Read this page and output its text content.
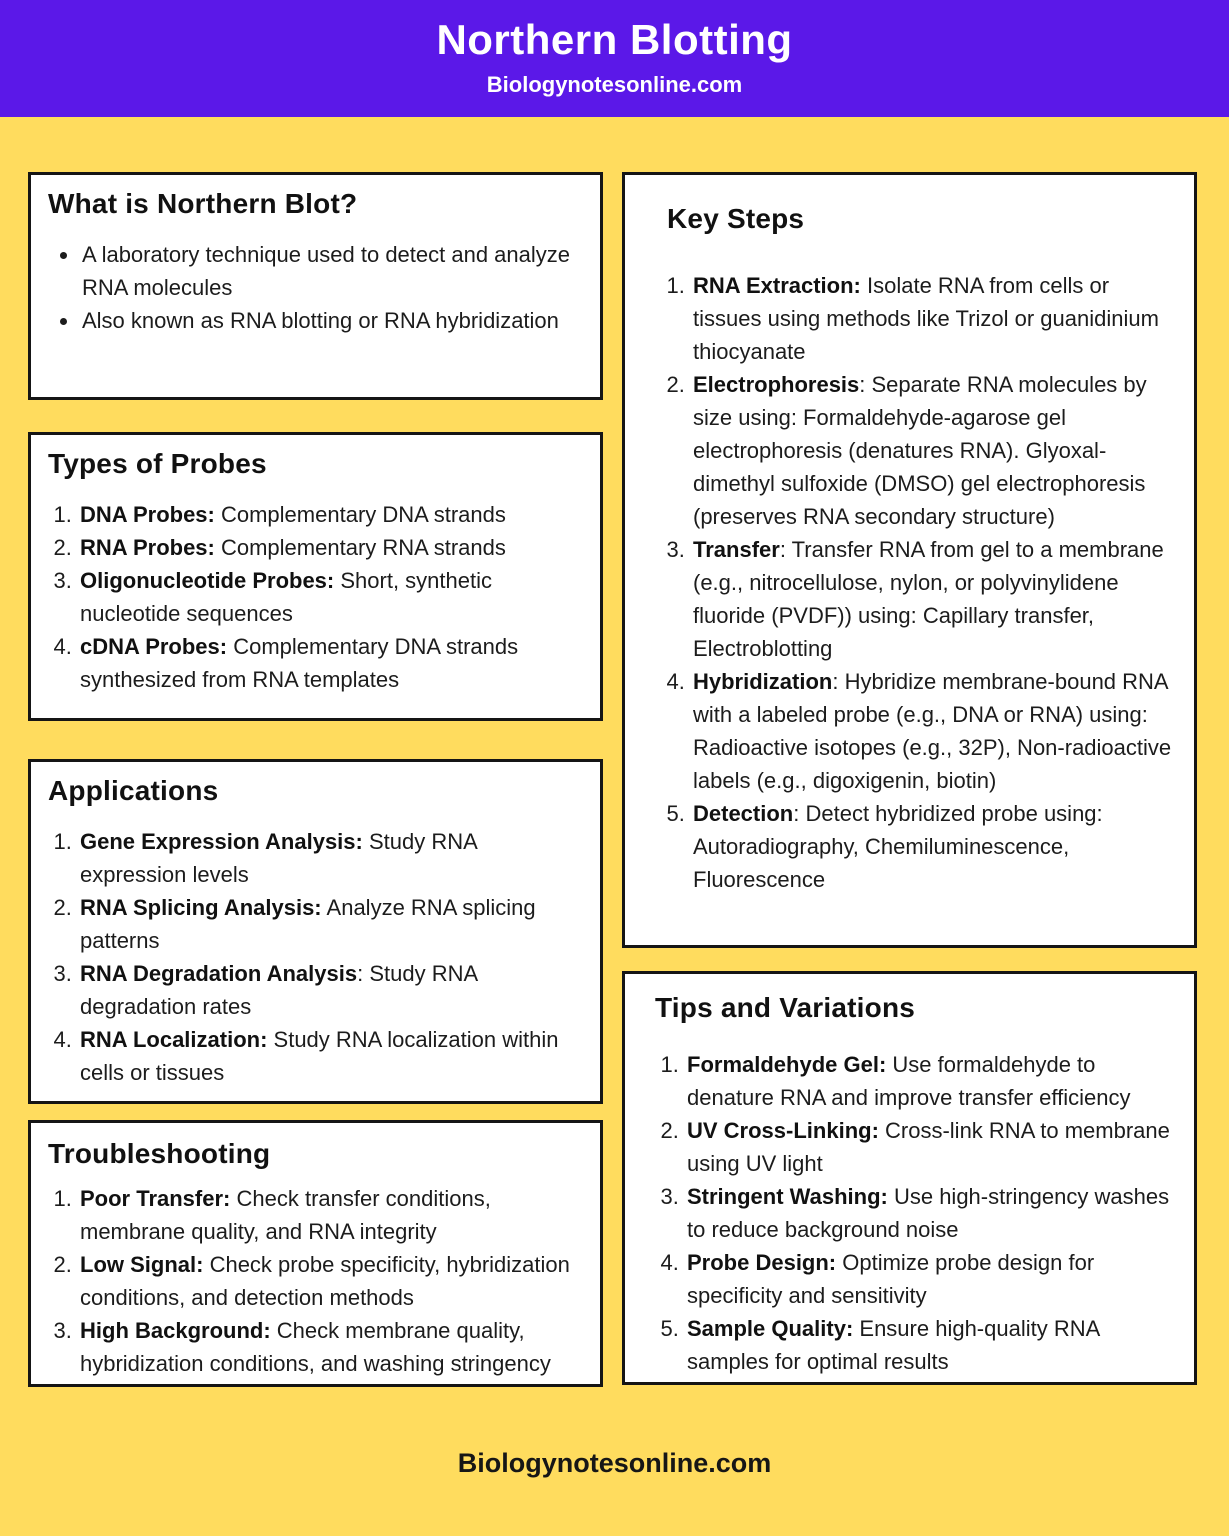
Northern Blotting
Biologynotesonline.com
What is Northern Blot?
• A laboratory technique used to detect and analyze RNA molecules
• Also known as RNA blotting or RNA hybridization
Types of Probes
1. DNA Probes: Complementary DNA strands
2. RNA Probes: Complementary RNA strands
3. Oligonucleotide Probes: Short, synthetic nucleotide sequences
4. cDNA Probes: Complementary DNA strands synthesized from RNA templates
Applications
1. Gene Expression Analysis: Study RNA expression levels
2. RNA Splicing Analysis: Analyze RNA splicing patterns
3. RNA Degradation Analysis: Study RNA degradation rates
4. RNA Localization: Study RNA localization within cells or tissues
Troubleshooting
1. Poor Transfer: Check transfer conditions, membrane quality, and RNA integrity
2. Low Signal: Check probe specificity, hybridization conditions, and detection methods
3. High Background: Check membrane quality, hybridization conditions, and washing stringency
Key Steps
1. RNA Extraction: Isolate RNA from cells or tissues using methods like Trizol or guanidinium thiocyanate
2. Electrophoresis: Separate RNA molecules by size using: Formaldehyde-agarose gel electrophoresis (denatures RNA). Glyoxal-dimethyl sulfoxide (DMSO) gel electrophoresis (preserves RNA secondary structure)
3. Transfer: Transfer RNA from gel to a membrane (e.g., nitrocellulose, nylon, or polyvinylidene fluoride (PVDF)) using: Capillary transfer, Electroblotting
4. Hybridization: Hybridize membrane-bound RNA with a labeled probe (e.g., DNA or RNA) using: Radioactive isotopes (e.g., 32P), Non-radioactive labels (e.g., digoxigenin, biotin)
5. Detection: Detect hybridized probe using: Autoradiography, Chemiluminescence, Fluorescence
Tips and Variations
1. Formaldehyde Gel: Use formaldehyde to denature RNA and improve transfer efficiency
2. UV Cross-Linking: Cross-link RNA to membrane using UV light
3. Stringent Washing: Use high-stringency washes to reduce background noise
4. Probe Design: Optimize probe design for specificity and sensitivity
5. Sample Quality: Ensure high-quality RNA samples for optimal results
Biologynotesonline.com
